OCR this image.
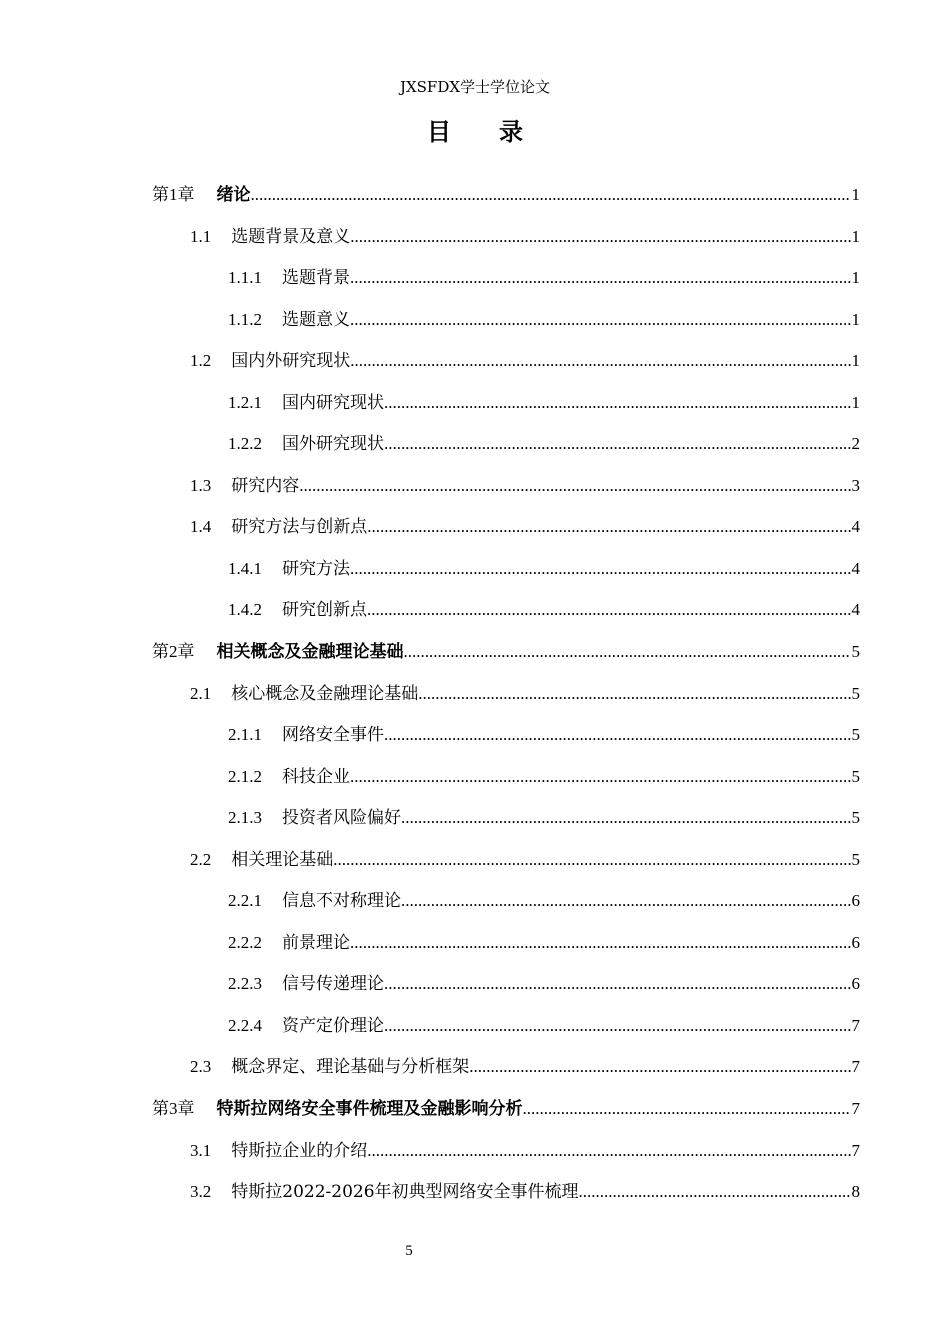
JXSFDX学士学位论文
目录
第1章 绪论 .....	1
1.1 选题背景及意义 .....	1
1.1.1 选题背景 .....	1
1.1.2 选题意义 .....	1
1.2 国内外研究现状 .....	1
1.2.1 国内研究现状 .....	1
1.2.2 国外研究现状 .....	2
1.3 研究内容 .....	3
1.4 研究方法与创新点 .....	4
1.4.1 研究方法 .....	4
1.4.2 研究创新点 .....	4
第2章 相关概念及金融理论基础 .....	5
2.1 核心概念及金融理论基础 .....	5
2.1.1 网络安全事件 .....	5
2.1.2 科技企业 .....	5
2.1.3 投资者风险偏好 .....	5
2.2 相关理论基础 .....	5
2.2.1 信息不对称理论 .....	6
2.2.2 前景理论 .....	6
2.2.3 信号传递理论 .....	6
2.2.4 资产定价理论 .....	7
2.3 概念界定、理论基础与分析框架 .....	7
第3章 特斯拉网络安全事件梳理及金融影响分析 .....	7
3.1 特斯拉企业的介绍 .....	7
3.2 特斯拉2022-2026年初典型网络安全事件梳理 .....	8
5
